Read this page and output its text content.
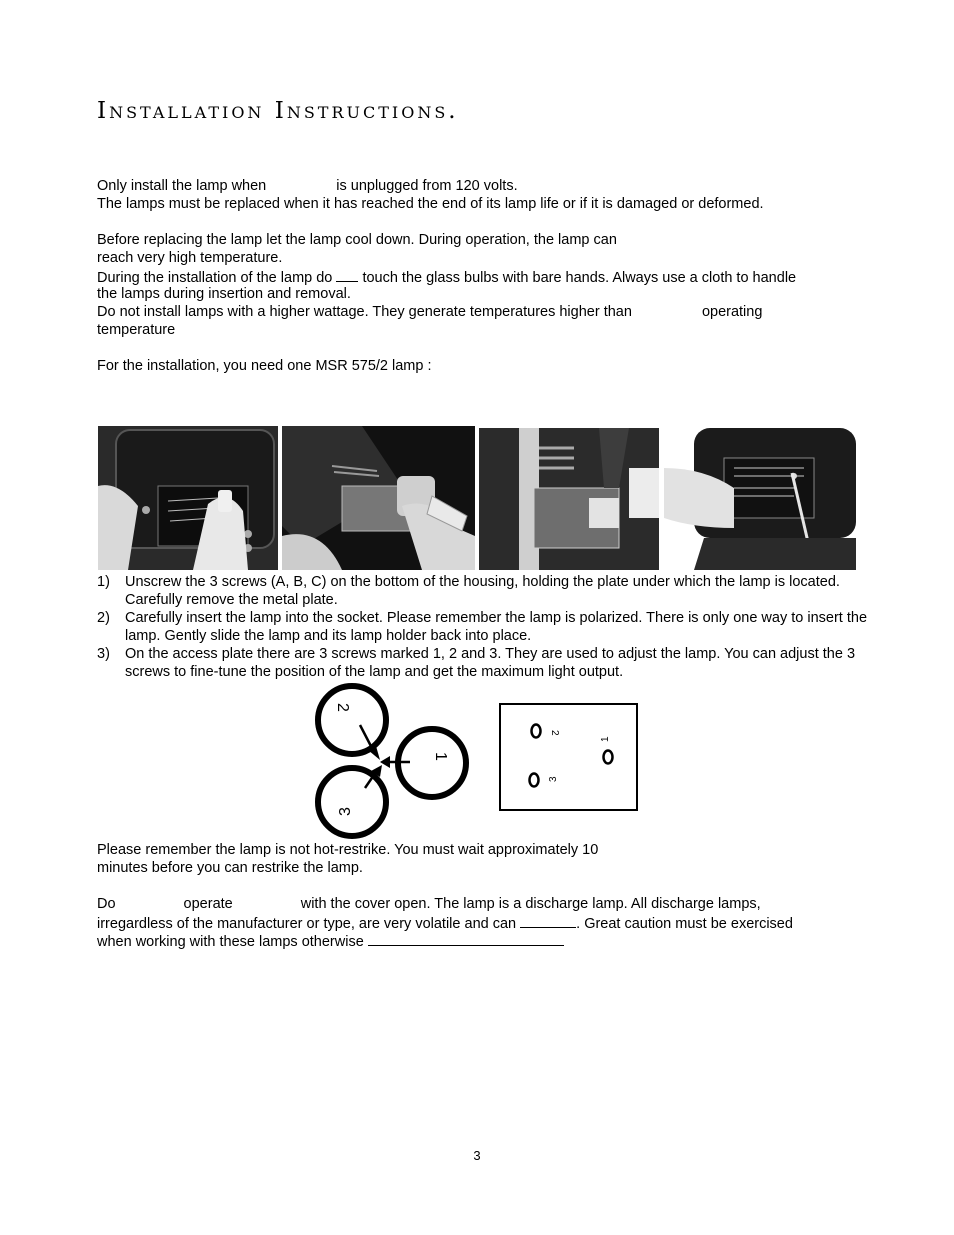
Installation Instructions.
Only install the lamp when	is unplugged from 120 volts.
The lamps must be replaced when it has reached the end of its lamp life or if it is damaged or deformed.
Before replacing the lamp let the lamp cool down. During operation, the lamp can
reach very high temperature.
During the installation of the lamp do touch the glass bulbs with bare hands. Always use a cloth to handle
the lamps during insertion and removal.
Do not install lamps with a higher wattage. They generate temperatures higher than	operating
temperature
For the installation, you need one MSR 575/2 lamp :
1)	Unscrew the 3 screws (A, B, C) on the bottom of the housing, holding the plate under which the lamp is located. Carefully remove the metal plate.
2)	Carefully insert the lamp into the socket. Please remember the lamp is polarized. There is only one way to insert the lamp. Gently slide the lamp and its lamp holder back into place.
3)	On the access plate there are 3 screws marked 1, 2 and 3. They are used to adjust the lamp. You can adjust the 3 screws to fine-tune the position of the lamp and get the maximum light output.
2
1
3
2
1
3
Please remember the lamp is not hot-restrike. You must wait approximately 10
minutes before you can restrike the lamp.
Do	operate	with the cover open. The lamp is a discharge lamp. All discharge lamps,
irregardless of the manufacturer or type, are very volatile and can	. Great caution must be exercised
when working with these lamps otherwise
3
